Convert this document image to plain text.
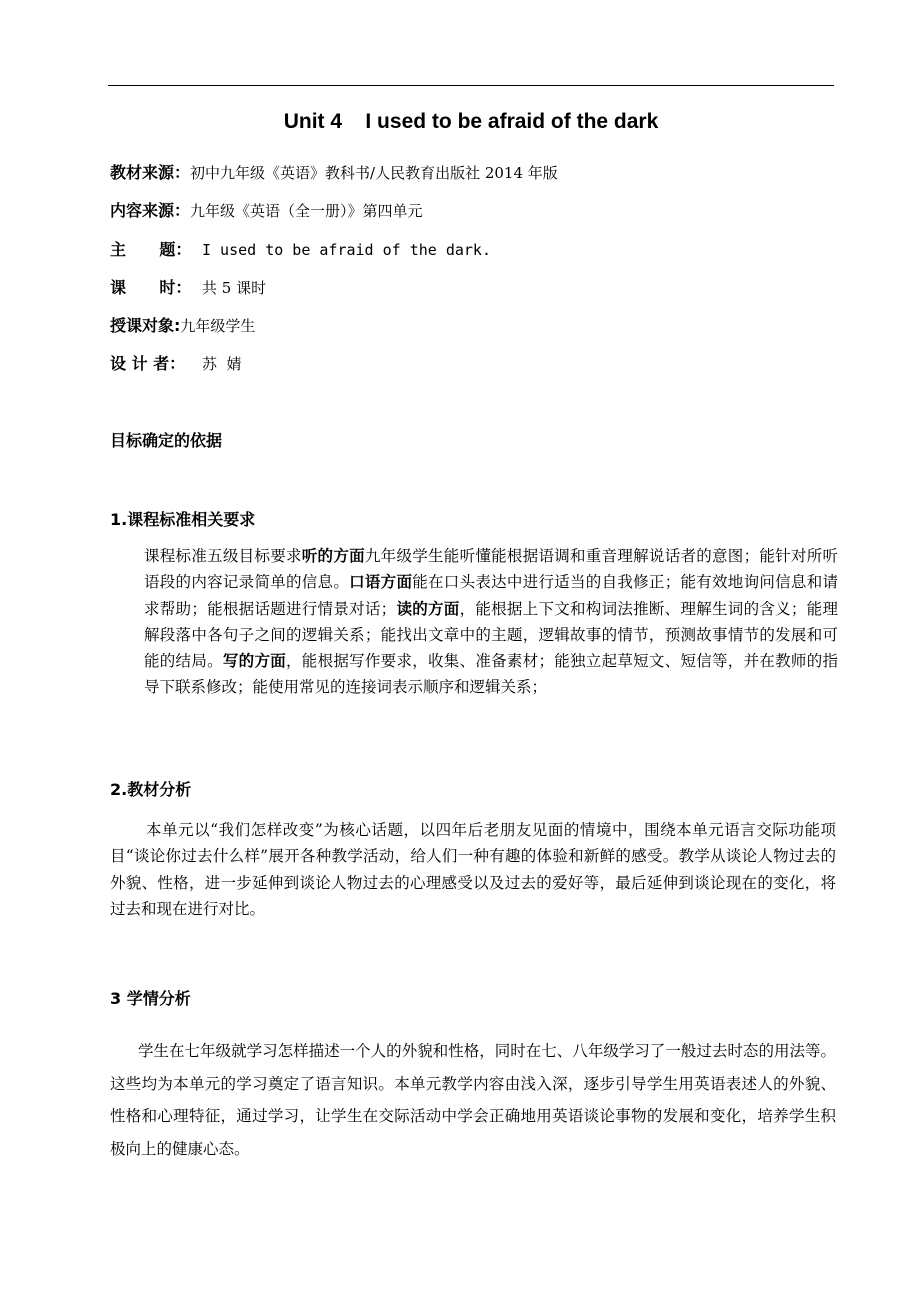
Unit 4    I used to be afraid of the dark
教材来源：初中九年级《英语》教科书/人民教育出版社 2014 年版
内容来源：九年级《英语（全一册）》第四单元
主      题： I used to be afraid of the dark.
课      时： 共 5 课时
授课对象:九年级学生
设 计 者： 苏  婧
目标确定的依据
1.课程标准相关要求
课程标准五级目标要求听的方面九年级学生能听懂能根据语调和重音理解说话者的意图；能针对所听语段的内容记录简单的信息。口语方面能在口头表达中进行适当的自我修正；能有效地询问信息和请求帮助；能根据话题进行情景对话；读的方面，能根据上下文和构词法推断、理解生词的含义；能理解段落中各句子之间的逻辑关系；能找出文章中的主题，逻辑故事的情节，预测故事情节的发展和可能的结局。写的方面，能根据写作要求，收集、准备素材；能独立起草短文、短信等，并在教师的指导下联系修改；能使用常见的连接词表示顺序和逻辑关系；
2.教材分析
本单元以“我们怎样改变”为核心话题，以四年后老朋友见面的情境中，围绕本单元语言交际功能项目“谈论你过去什么样”展开各种教学活动，给人们一种有趣的体验和新鲜的感受。教学从谈论人物过去的外貌、性格，进一步延伸到谈论人物过去的心理感受以及过去的爱好等，最后延伸到谈论现在的变化，将过去和现在进行对比。
3 学情分析
学生在七年级就学习怎样描述一个人的外貌和性格，同时在七、八年级学习了一般过去时态的用法等。这些均为本单元的学习奠定了语言知识。本单元教学内容由浅入深，逐步引导学生用英语表述人的外貌、性格和心理特征，通过学习，让学生在交际活动中学会正确地用英语谈论事物的发展和变化，培养学生积极向上的健康心态。
